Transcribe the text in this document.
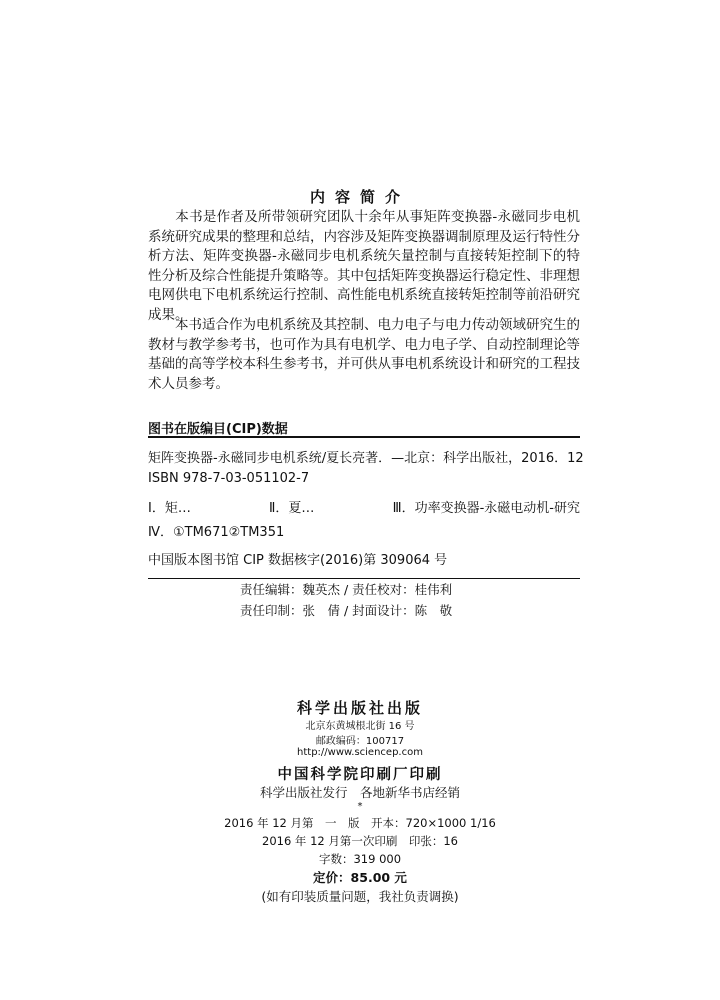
内容简介
本书是作者及所带领研究团队十余年从事矩阵变换器-永磁同步电机系统研究成果的整理和总结，内容涉及矩阵变换器调制原理及运行特性分析方法、矩阵变换器-永磁同步电机系统矢量控制与直接转矩控制下的特性分析及综合性能提升策略等。其中包括矩阵变换器运行稳定性、非理想电网供电下电机系统运行控制、高性能电机系统直接转矩控制等前沿研究成果。
本书适合作为电机系统及其控制、电力电子与电力传动领域研究生的教材与教学参考书，也可作为具有电机学、电力电子学、自动控制理论等基础的高等学校本科生参考书，并可供从事电机系统设计和研究的工程技术人员参考。
图书在版编目(CIP)数据
矩阵变换器-永磁同步电机系统/夏长亮著．—北京：科学出版社，2016．12
ISBN 978-7-03-051102-7
Ⅰ．矩…	Ⅱ．夏…	Ⅲ．功率变换器-永磁电动机-研究
Ⅳ．①TM671②TM351
中国版本图书馆 CIP 数据核字(2016)第 309064 号
责任编辑：魏英杰 / 责任校对：桂伟利
责任印制：张　倩 / 封面设计：陈　敬
科学出版社出版
北京东黄城根北街 16 号
邮政编码：100717
http://www.sciencep.com
中国科学院印刷厂印刷
科学出版社发行　各地新华书店经销
*
2016 年 12 月第　一　版　开本：720×1000 1/16
2016 年 12 月第一次印刷　印张：16
字数：319 000
定价：85.00 元
(如有印装质量问题，我社负责调换)
